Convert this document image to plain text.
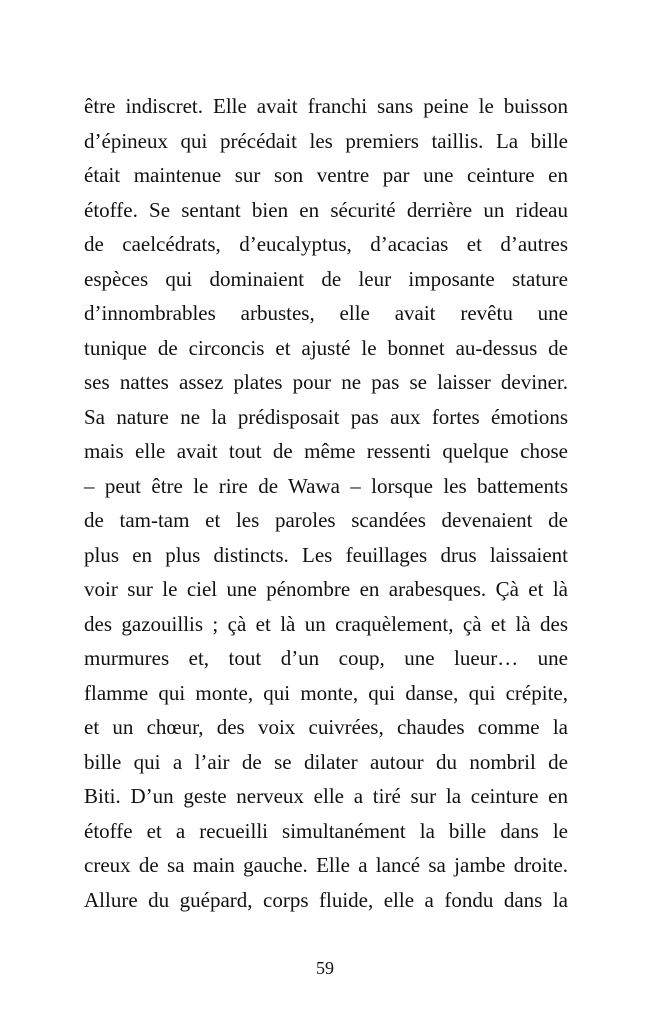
être indiscret. Elle avait franchi sans peine le buisson
d’épineux qui précédait les premiers taillis. La bille
était maintenue sur son ventre par une ceinture en
étoffe. Se sentant bien en sécurité derrière un rideau
de caelcédrats, d’eucalyptus, d’acacias et d’autres
espèces qui dominaient de leur imposante stature
d’innombrables arbustes, elle avait revêtu une
tunique de circoncis et ajusté le bonnet au-dessus de
ses nattes assez plates pour ne pas se laisser deviner.
Sa nature ne la prédisposait pas aux fortes émotions
mais elle avait tout de même ressenti quelque chose
– peut être le rire de Wawa – lorsque les battements
de tam-tam et les paroles scandées devenaient de
plus en plus distincts. Les feuillages drus laissaient
voir sur le ciel une pénombre en arabesques. Çà et là
des gazouillis ; çà et là un craquèlement, çà et là des
murmures et, tout d’un coup, une lueur… une
flamme qui monte, qui monte, qui danse, qui crépite,
et un chœur, des voix cuivrées, chaudes comme la
bille qui a l’air de se dilater autour du nombril de
Biti. D’un geste nerveux elle a tiré sur la ceinture en
étoffe et a recueilli simultanément la bille dans le
creux de sa main gauche. Elle a lancé sa jambe droite.
Allure du guépard, corps fluide, elle a fondu dans la
59
